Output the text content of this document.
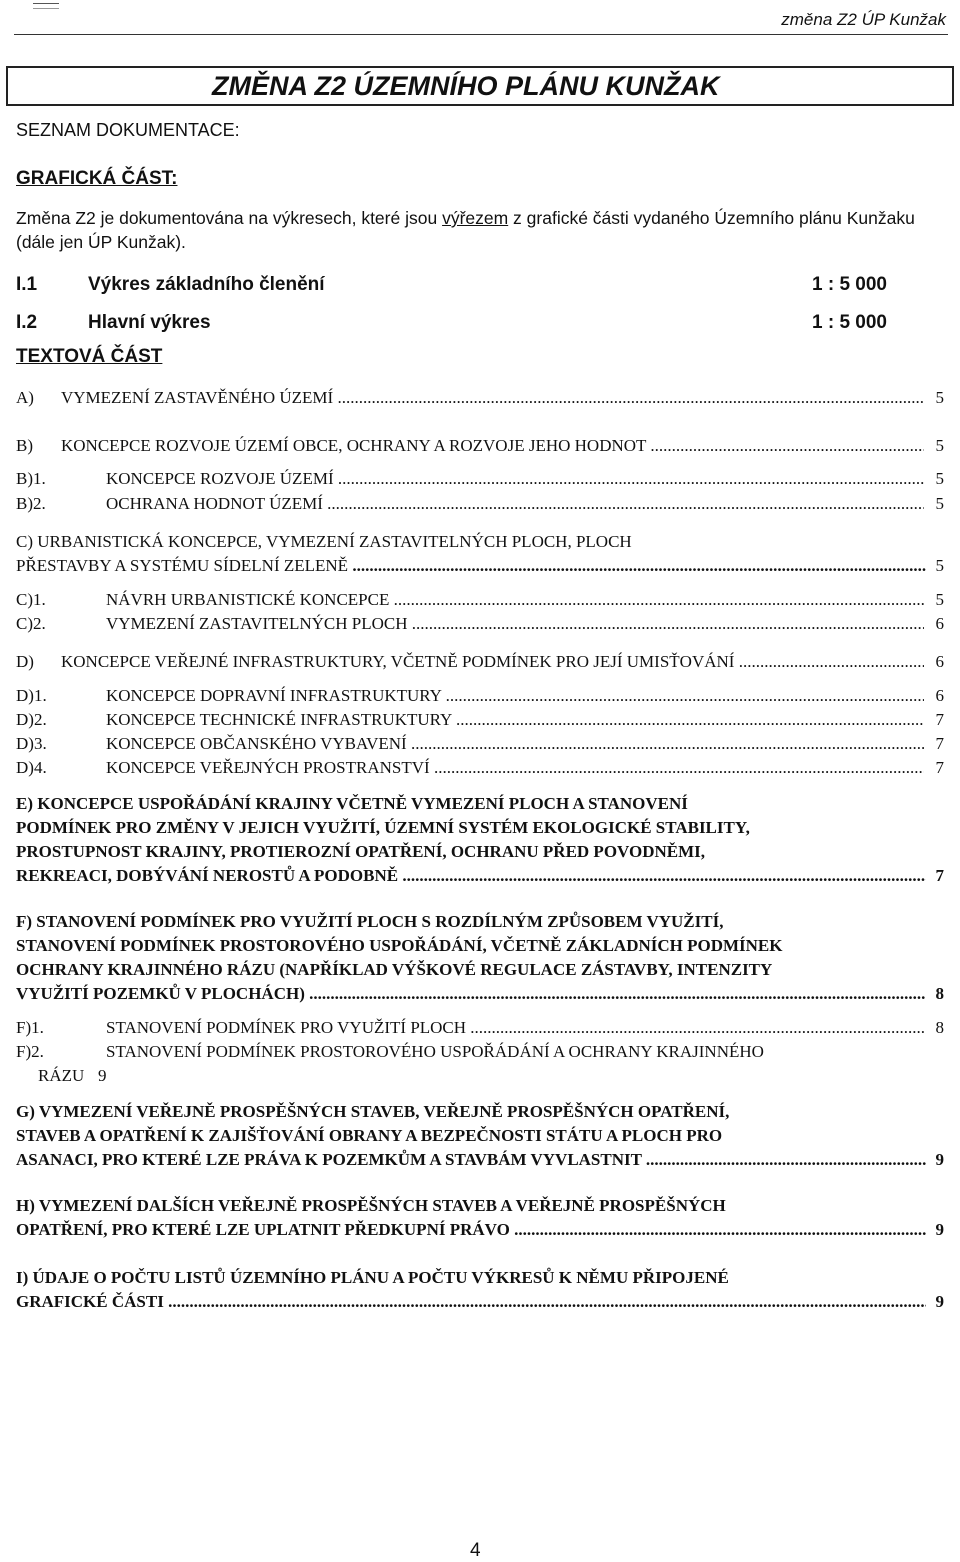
změna Z2 ÚP Kunžak
ZMĚNA Z2 ÚZEMNÍHO PLÁNU KUNŽAK
SEZNAM DOKUMENTACE:
GRAFICKÁ ČÁST:
Změna Z2 je dokumentována na výkresech, které jsou výřezem z grafické části vydaného Územního plánu Kunžaku (dále jen ÚP Kunžak).
I.1	Výkres základního členění	1 : 5 000
I.2	Hlavní výkres	1 : 5 000
TEXTOVÁ ČÁST
A) VYMEZENÍ ZASTAVĚNÉHO ÚZEMÍ .....	5
B) KONCEPCE ROZVOJE ÚZEMÍ OBCE, OCHRANY A ROZVOJE JEHO HODNOT .....	5
B)1.	KONCEPCE ROZVOJE ÚZEMÍ .....	5
B)2.	OCHRANA HODNOT ÚZEMÍ .....	5
C) URBANISTICKÁ KONCEPCE, VYMEZENÍ ZASTAVITELNÝCH PLOCH, PLOCH
PŘESTAVBY A SYSTÉMU SÍDELNÍ ZELENĚ .....	5
C)1.	NÁVRH URBANISTICKÉ KONCEPCE .....	5
C)2.	VYMEZENÍ ZASTAVITELNÝCH PLOCH .....	6
D) KONCEPCE VEŘEJNÉ INFRASTRUKTURY, VČETNĚ PODMÍNEK PRO JEJÍ UMISŤOVÁNÍ .....	6
D)1.	KONCEPCE DOPRAVNÍ INFRASTRUKTURY .....	6
D)2.	KONCEPCE TECHNICKÉ INFRASTRUKTURY .....	7
D)3.	KONCEPCE OBČANSKÉHO VYBAVENÍ .....	7
D)4.	KONCEPCE VEŘEJNÝCH PROSTRANSTVÍ .....	7
E) KONCEPCE USPOŘÁDÁNÍ KRAJINY VČETNĚ VYMEZENÍ PLOCH A STANOVENÍ
PODMÍNEK PRO ZMĚNY V JEJICH VYUŽITÍ, ÚZEMNÍ SYSTÉM EKOLOGICKÉ STABILITY,
PROSTUPNOST KRAJINY, PROTIEROZNÍ OPATŘENÍ, OCHRANU PŘED POVODNĚMI,
REKREACI, DOBÝVÁNÍ NEROSTŮ A PODOBNĚ .....	7
F) STANOVENÍ PODMÍNEK PRO VYUŽITÍ PLOCH S ROZDÍLNÝM ZPŮSOBEM VYUŽITÍ,
STANOVENÍ PODMÍNEK PROSTOROVÉHO USPOŘÁDÁNÍ, VČETNĚ ZÁKLADNÍCH PODMÍNEK
OCHRANY KRAJINNÉHO RÁZU (NAPŘÍKLAD VÝŠKOVÉ REGULACE ZÁSTAVBY, INTENZITY
VYUŽITÍ POZEMKŮ V PLOCHÁCH) .....	8
F)1.	STANOVENÍ PODMÍNEK PRO VYUŽITÍ PLOCH .....	8
F)2.	STANOVENÍ PODMÍNEK PROSTOROVÉHO USPOŘÁDÁNÍ A OCHRANY KRAJINNÉHO
RÁZU 9
G) VYMEZENÍ VEŘEJNĚ PROSPĚŠNÝCH STAVEB, VEŘEJNĚ PROSPĚŠNÝCH OPATŘENÍ,
STAVEB A OPATŘENÍ K ZAJIŠŤOVÁNÍ OBRANY A BEZPEČNOSTI STÁTU A PLOCH PRO
ASANACI, PRO KTERÉ LZE PRÁVA K POZEMKŮM A STAVBÁM VYVLASTNIT .....	9
H) VYMEZENÍ DALŠÍCH VEŘEJNĚ PROSPĚŠNÝCH STAVEB A VEŘEJNĚ PROSPĚŠNÝCH
OPATŘENÍ, PRO KTERÉ LZE UPLATNIT PŘEDKUPNÍ PRÁVO .....	9
I) ÚDAJE O POČTU LISTŮ ÚZEMNÍHO PLÁNU A POČTU VÝKRESŮ K NĚMU PŘIPOJENÉ
GRAFICKÉ ČÁSTI .....	9
4
